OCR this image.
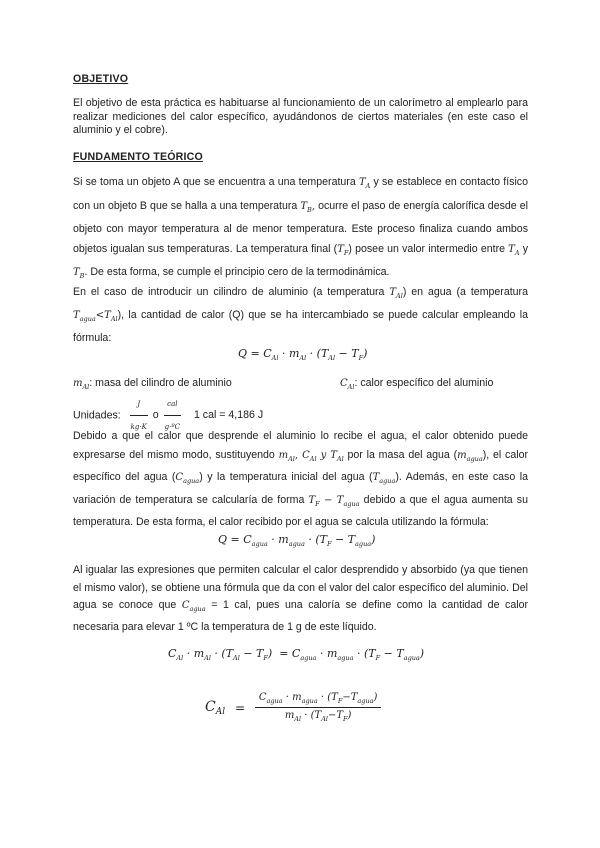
OBJETIVO
El objetivo de esta práctica es habituarse al funcionamiento de un calorímetro al emplearlo para realizar mediciones del calor específico, ayudándonos de ciertos materiales (en este caso el aluminio y el cobre).
FUNDAMENTO TEÓRICO
Si se toma un objeto A que se encuentra a una temperatura $T_A$ y se establece en contacto físico con un objeto B que se halla a una temperatura $T_B$, ocurre el paso de energía calorífica desde el objeto con mayor temperatura al de menor temperatura. Este proceso finaliza cuando ambos objetos igualan sus temperaturas. La temperatura final $(T_F)$ posee un valor intermedio entre $T_A$ y $T_B$. De esta forma, se cumple el principio cero de la termodinámica.
En el caso de introducir un cilindro de aluminio (a temperatura $T_{Al}$) en agua (a temperatura $T_{agua}<T_{Al}$), la cantidad de calor (Q) que se ha intercambiado se puede calcular empleando la fórmula:
$Q = C_{Al} \cdot m_{Al} \cdot (T_{Al} - T_F)$
$m_{Al}$: masa del cilindro de aluminio	$C_{Al}$: calor específico del aluminio
Unidades: $\frac{J}{kg\cdot K}$ o $\frac{\text{cal}}{\text{g·ºC}} 1$ cal = 4,186 J
Debido a que el calor que desprende el aluminio lo recibe el agua, el calor obtenido puede expresarse del mismo modo, sustituyendo $m_{Al}$, $C_{Al}$ y $T_{Al}$ por la masa del agua $(m_{agua})$, el calor específico del agua $(C_{agua})$ y la temperatura inicial del agua $(T_{agua})$. Además, en este caso la variación de temperatura se calcularía de forma $T_F - T_{agua}$ debido a que el agua aumenta su temperatura. De esta forma, el calor recibido por el agua se calcula utilizando la fórmula:
$Q = C_{agua} \cdot m_{agua} \cdot (T_F - T_{agua})$
Al igualar las expresiones que permiten calcular el calor desprendido y absorbido (ya que tienen el mismo valor), se obtiene una fórmula que da con el valor del calor específico del aluminio. Del agua se conoce que $C_{agua} = 1$ cal, pues una caloría se define como la cantidad de calor necesaria para elevar 1 ºC la temperatura de 1 g de este líquido.
$C_{Al} \cdot m_{Al} \cdot (T_{Al} - T_F) = C_{agua} \cdot m_{agua} \cdot (T_F - T_{agua})$
$C_{Al} = \frac{C_{agua} \cdot m_{agua} \cdot (T_F-T_{agua})}{m_{Al} \cdot (T_{Al}-T_F)}$
